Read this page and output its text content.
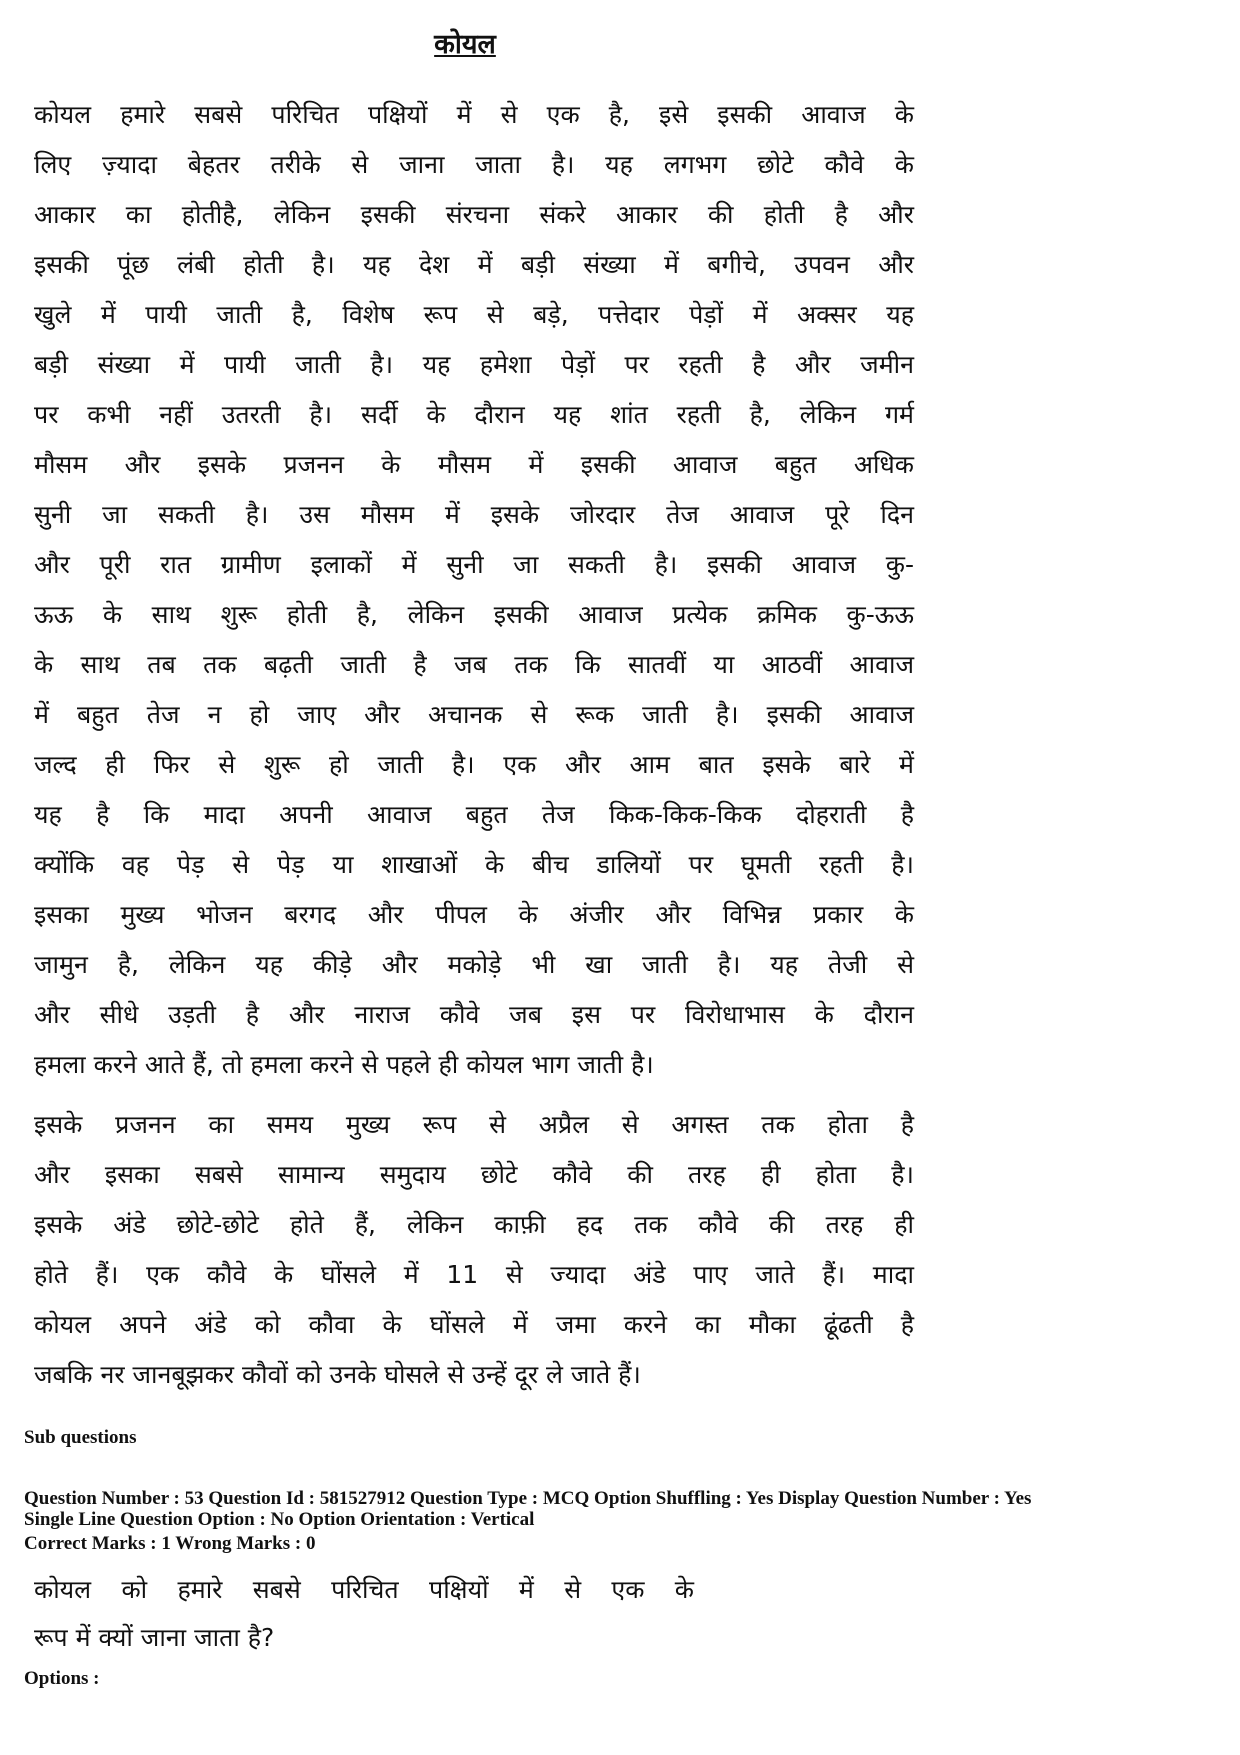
कोयल
कोयल हमारे सबसे परिचित पक्षियों में से एक है, इसे इसकी आवाज के
लिए ज़्यादा बेहतर तरीके से जाना जाता है। यह लगभग छोटे कौवे के
आकार का होतीहै, लेकिन इसकी संरचना संकरे आकार की होती है और
इसकी पूंछ लंबी होती है। यह देश में बड़ी संख्या में बगीचे, उपवन और
खुले में पायी जाती है, विशेष रूप से बड़े, पत्तेदार पेड़ों में अक्सर यह
बड़ी संख्या में पायी जाती है। यह हमेशा पेड़ों पर रहती है और जमीन
पर कभी नहीं उतरती है। सर्दी के दौरान यह शांत रहती है, लेकिन गर्म
मौसम और इसके प्रजनन के मौसम में इसकी आवाज बहुत अधिक
सुनी जा सकती है। उस मौसम में इसके जोरदार तेज आवाज पूरे दिन
और पूरी रात ग्रामीण इलाकों में सुनी जा सकती है। इसकी आवाज कु-
ऊऊ के साथ शुरू होती है, लेकिन इसकी आवाज प्रत्येक क्रमिक कु-ऊऊ
के साथ तब तक बढ़ती जाती है जब तक कि सातवीं या आठवीं आवाज
में बहुत तेज न हो जाए और अचानक से रूक जाती है। इसकी आवाज
जल्द ही फिर से शुरू हो जाती है। एक और आम बात इसके बारे में
यह है कि मादा अपनी आवाज बहुत तेज किक-किक-किक दोहराती है
क्योंकि वह पेड़ से पेड़ या शाखाओं के बीच डालियों पर घूमती रहती है।
इसका मुख्य भोजन बरगद और पीपल के अंजीर और विभिन्न प्रकार के
जामुन है, लेकिन यह कीड़े और मकोड़े भी खा जाती है। यह तेजी से
और सीधे उड़ती है और नाराज कौवे जब इस पर विरोधाभास के दौरान
हमला करने आते हैं, तो हमला करने से पहले ही कोयल भाग जाती है।
इसके प्रजनन का समय मुख्य रूप से अप्रैल से अगस्त तक होता है
और इसका सबसे सामान्य समुदाय छोटे कौवे की तरह ही होता है।
इसके अंडे छोटे-छोटे होते हैं, लेकिन काफ़ी हद तक कौवे की तरह ही
होते हैं। एक कौवे के घोंसले में 11 से ज्यादा अंडे पाए जाते हैं। मादा
कोयल अपने अंडे को कौवा के घोंसले में जमा करने का मौका ढूंढती है
जबकि नर जानबूझकर कौवों को उनके घोसले से उन्हें दूर ले जाते हैं।
Sub questions
Question Number : 53 Question Id : 581527912 Question Type : MCQ Option Shuffling : Yes Display Question Number : Yes
Single Line Question Option : No Option Orientation : Vertical
Correct Marks : 1 Wrong Marks : 0
कोयल को हमारे सबसे परिचित पक्षियों में से एक के
रूप में क्यों जाना जाता है?
Options :
